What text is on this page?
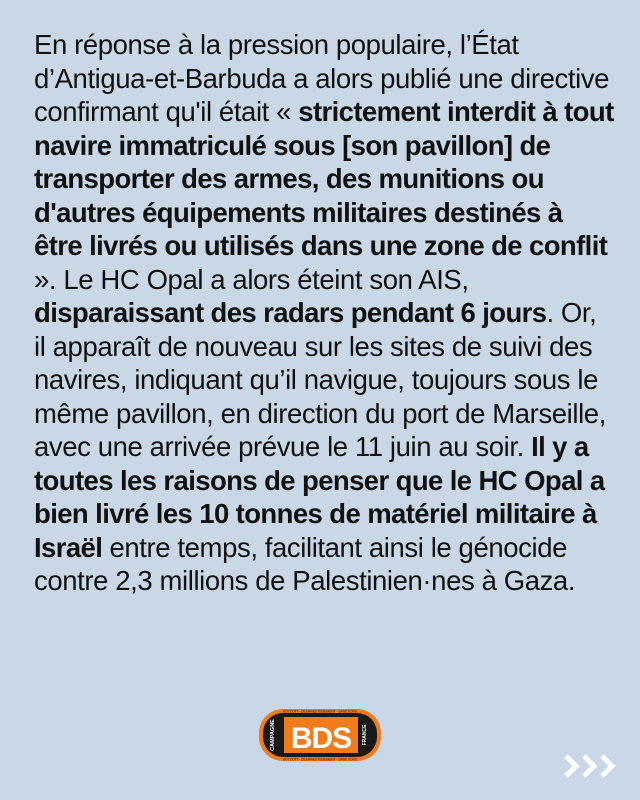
En réponse à la pression populaire, l’État d’Antigua-et-Barbuda a alors publié une directive confirmant qu'il était « strictement interdit à tout navire immatriculé sous [son pavillon] de transporter des armes, des munitions ou d'autres équipements militaires destinés à être livrés ou utilisés dans une zone de conflit ». Le HC Opal a alors éteint son AIS, disparaissant des radars pendant 6 jours. Or, il apparaît de nouveau sur les sites de suivi des navires, indiquant qu’il navigue, toujours sous le même pavillon, en direction du port de Marseille, avec une arrivée prévue le 11 juin au soir. Il y a toutes les raisons de penser que le HC Opal a bien livré les 10 tonnes de matériel militaire à Israël entre temps, facilitant ainsi le génocide contre 2,3 millions de Palestinien·nes à Gaza.

CAMPAGNE BDS FRANCE
BOYCOTT · DÉSINVESTISSEMENT · SANCTIONS
BOYCOTT · DÉSINVESTISSEMENT · SANCTIONS
